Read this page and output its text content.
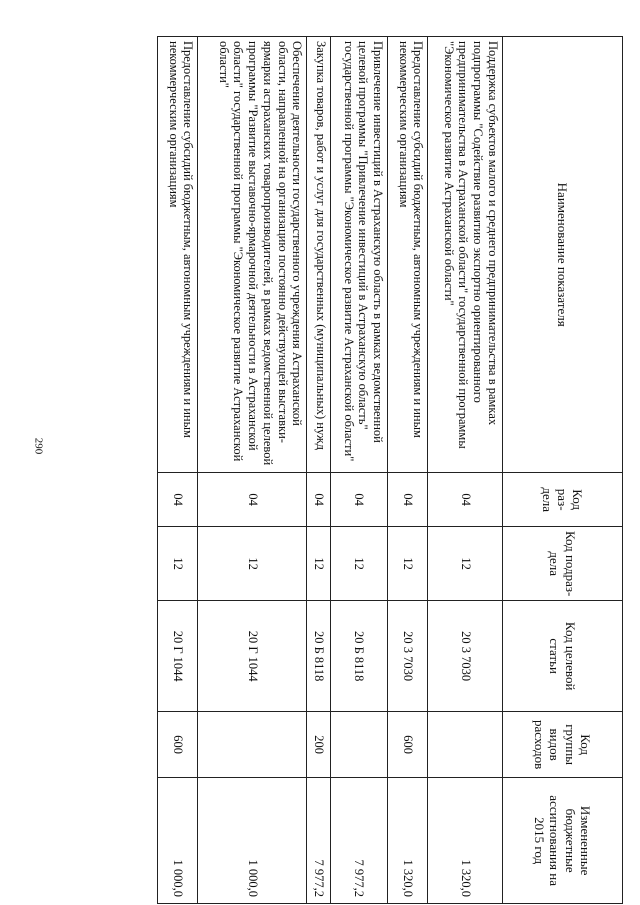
290
Наименование показателя	Код раз- дела	Код подраз- дела	Код целевой статьи	Код группы видов расходов	Измененные бюджетные ассигнования на 2015 год
Поддержка субъектов малого и среднего предпринимательства в рамках подпрограммы "Содействие развитию экспортно ориентированного предпринимательства в Астраханской области" государственной программы "Экономическое развитие Астраханской области"	04	12	20 3 7030		1 320,0
Предоставление субсидий бюджетным, автономным учреждениям и иным некоммерческим организациям	04	12	20 3 7030	600	1 320,0
Привлечение инвестиций в Астраханскую область в рамках ведомственной целевой программы "Привлечение инвестиций в Астраханскую область" государственной программы "Экономическое развитие Астраханской области"	04	12	20 Б 8118		7 977,2
Закупка товаров, работ и услуг для государственных (муниципальных) нужд	04	12	20 Б 8118	200	7 977,2
Обеспечение деятельности государственного учреждения Астраханской области, направленной на организацию постоянно действующей выставки-ярмарки астраханских товаропроизводителей, в рамках ведомственной целевой программы "Развитие выставочно-ярмарочной деятельности в Астраханской области" государственной программы "Экономическое развитие Астраханской области"	04	12	20 Г 1044		1 000,0
Предоставление субсидий бюджетным, автономным учреждениям и иным некоммерческим организациям	04	12	20 Г 1044	600	1 000,0
